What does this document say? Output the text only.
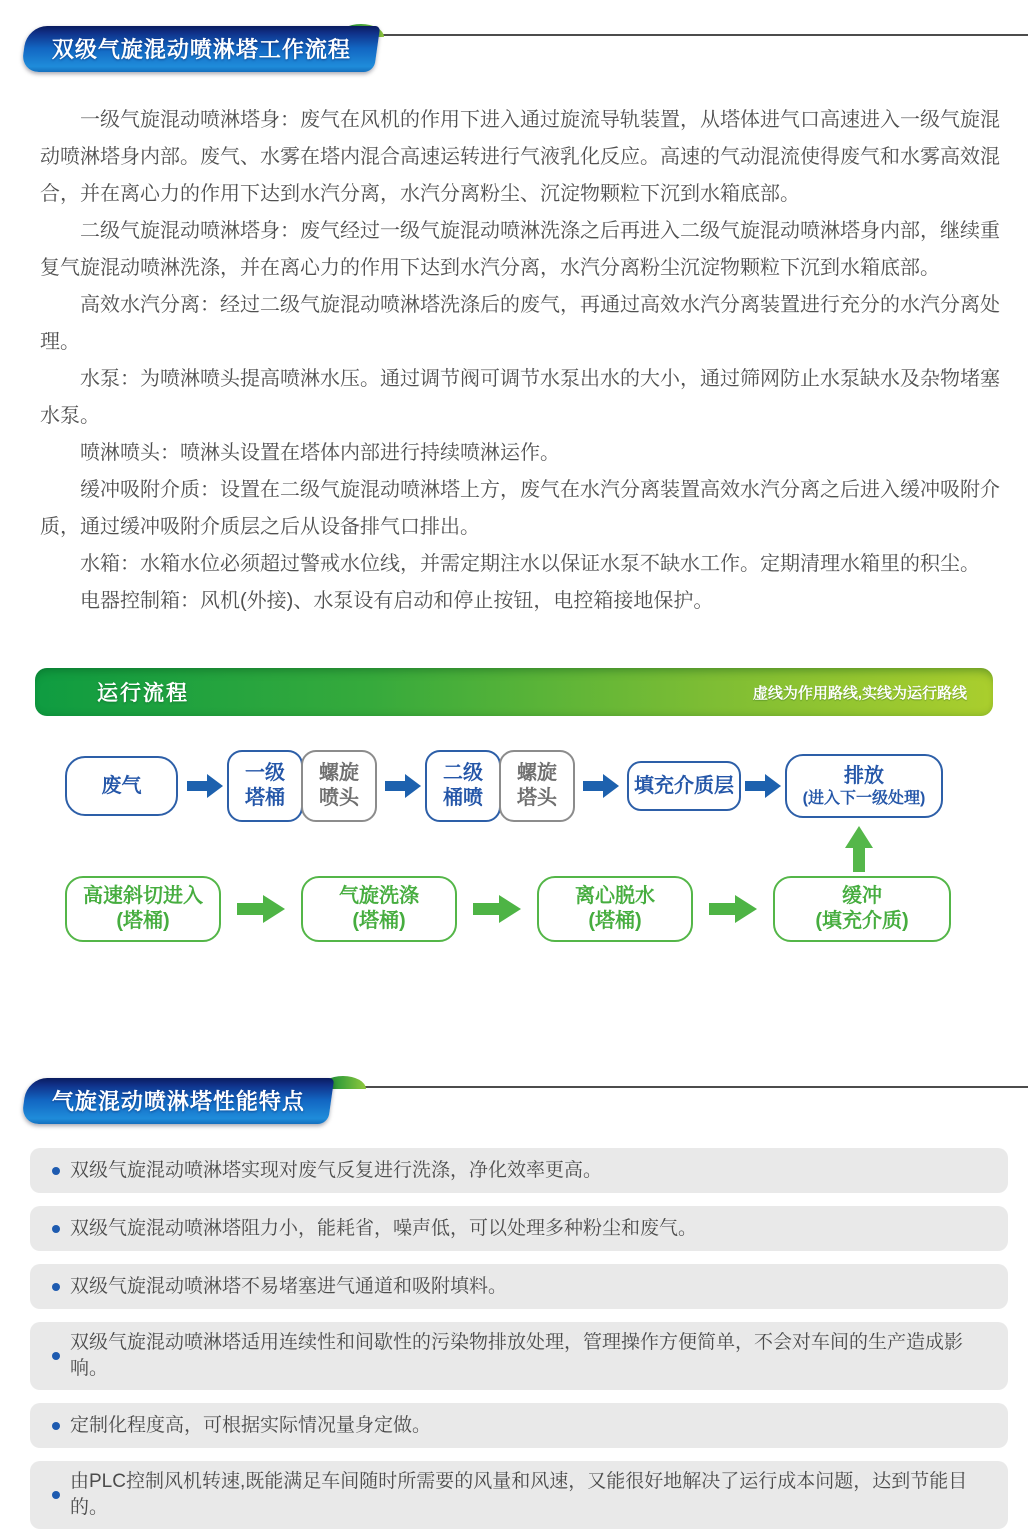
双级气旋混动喷淋塔工作流程

一级气旋混动喷淋塔身：废气在风机的作用下进入通过旋流导轨装置，从塔体进气口高速进入一级气旋混动喷淋塔身内部。废气、水雾在塔内混合高速运转进行气液乳化反应。高速的气动混流使得废气和水雾高效混合，并在离心力的作用下达到水汽分离，水汽分离粉尘、沉淀物颗粒下沉到水箱底部。

二级气旋混动喷淋塔身：废气经过一级气旋混动喷淋洗涤之后再进入二级气旋混动喷淋塔身内部，继续重复气旋混动喷淋洗涤，并在离心力的作用下达到水汽分离，水汽分离粉尘沉淀物颗粒下沉到水箱底部。

高效水汽分离：经过二级气旋混动喷淋塔洗涤后的废气，再通过高效水汽分离装置进行充分的水汽分离处理。

水泵：为喷淋喷头提高喷淋水压。通过调节阀可调节水泵出水的大小，通过筛网防止水泵缺水及杂物堵塞水泵。

喷淋喷头：喷淋头设置在塔体内部进行持续喷淋运作。

缓冲吸附介质：设置在二级气旋混动喷淋塔上方，废气在水汽分离装置高效水汽分离之后进入缓冲吸附介质，通过缓冲吸附介质层之后从设备排气口排出。

水箱：水箱水位必须超过警戒水位线，并需定期注水以保证水泵不缺水工作。定期清理水箱里的积尘。

电器控制箱：风机(外接)、水泵设有启动和停止按钮，电控箱接地保护。

运行流程	虚线为作用路线,实线为运行路线
废气
一级
塔桶
螺旋
喷头
二级
桶喷
螺旋
塔头
填充介质层	排放
(进入下一级处理)
高速斜切进入
(塔桶)
气旋洗涤
(塔桶)
离心脱水
(塔桶)
缓冲
(填充介质)
气旋混动喷淋塔性能特点
双级气旋混动喷淋塔实现对废气反复进行洗涤，净化效率更高。
双级气旋混动喷淋塔阻力小，能耗省，噪声低，可以处理多种粉尘和废气。
双级气旋混动喷淋塔不易堵塞进气通道和吸附填料。
双级气旋混动喷淋塔适用连续性和间歇性的污染物排放处理，管理操作方便简单，不会对车间的生产造成影响。
定制化程度高，可根据实际情况量身定做。
由PLC控制风机转速,既能满足车间随时所需要的风量和风速，又能很好地解决了运行成本问题，达到节能目的。
